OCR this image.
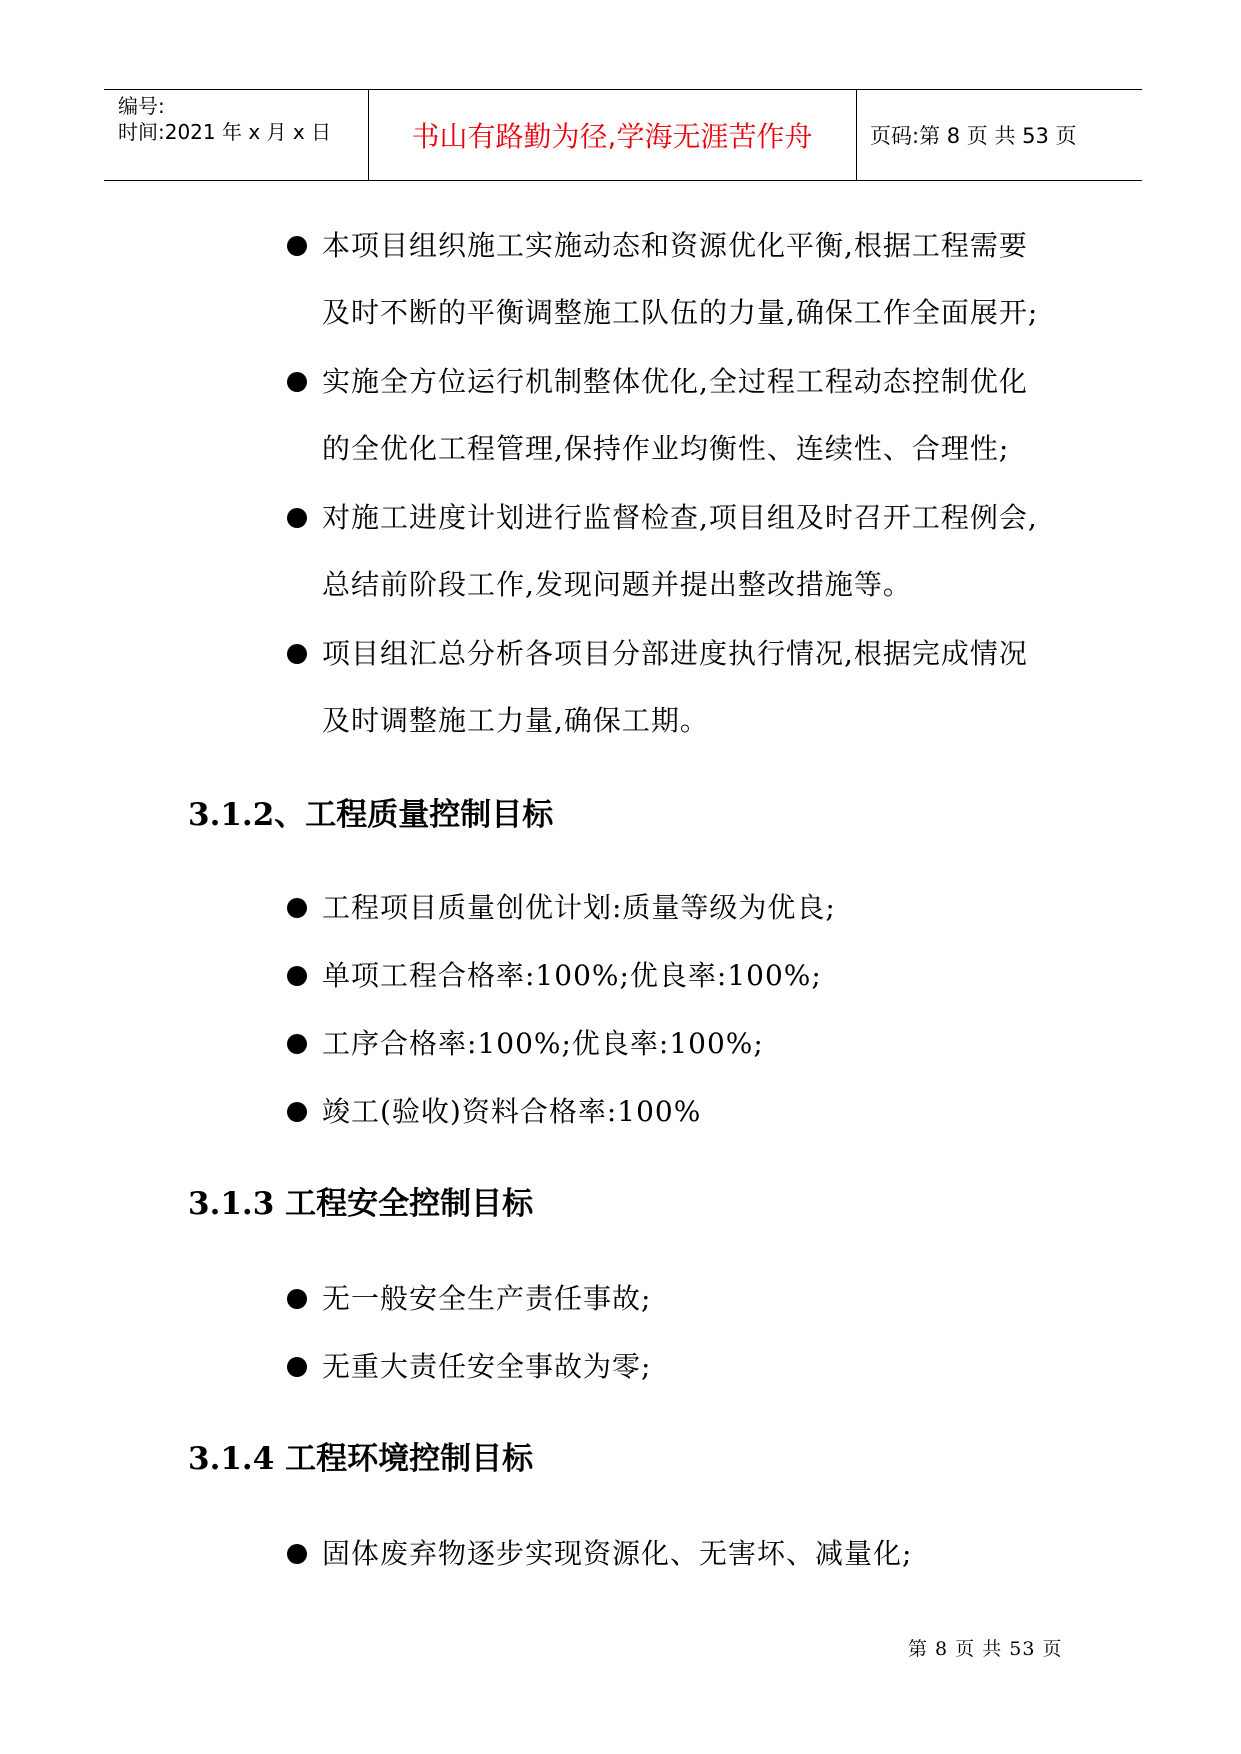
编号:
时间:2021 年 x 月 x 日	书山有路勤为径,学海无涯苦作舟	页码:第 8 页 共 53 页
本项目组织施工实施动态和资源优化平衡,根据工程需要
及时不断的平衡调整施工队伍的力量,确保工作全面展开;
实施全方位运行机制整体优化,全过程工程动态控制优化
的全优化工程管理,保持作业均衡性、连续性、合理性;
对施工进度计划进行监督检查,项目组及时召开工程例会,
总结前阶段工作,发现问题并提出整改措施等。
项目组汇总分析各项目分部进度执行情况,根据完成情况
及时调整施工力量,确保工期。
3.1.2、工程质量控制目标
工程项目质量创优计划:质量等级为优良;
单项工程合格率:100%;优良率:100%;
工序合格率:100%;优良率:100%;
竣工(验收)资料合格率:100%
3.1.3 工程安全控制目标
无一般安全生产责任事故;
无重大责任安全事故为零;
3.1.4 工程环境控制目标
固体废弃物逐步实现资源化、无害坏、减量化;
第 8 页 共 53 页
